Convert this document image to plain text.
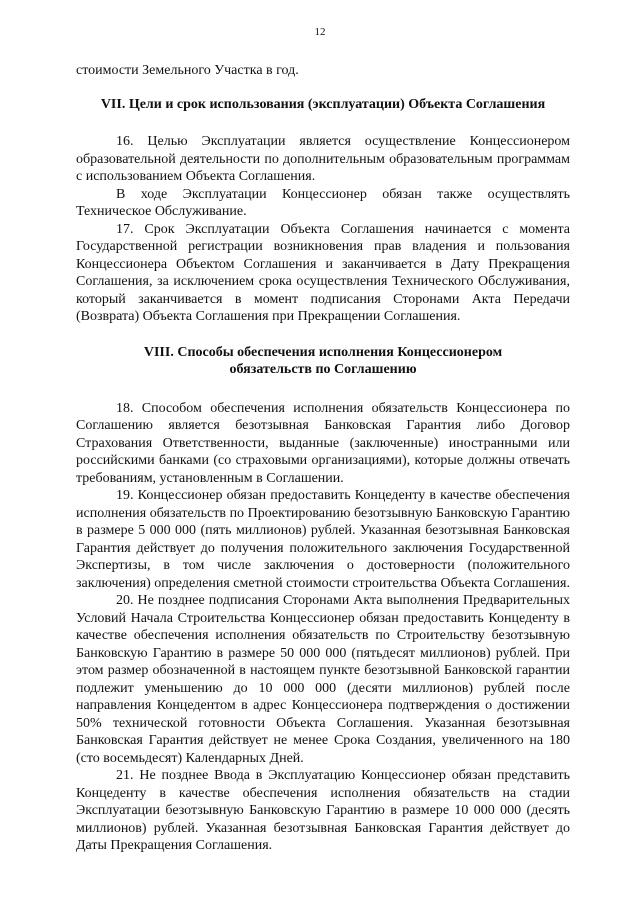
12

стоимости Земельного Участка в год.

VII. Цели и срок использования (эксплуатации) Объекта Соглашения

16. Целью Эксплуатации является осуществление Концессионером образовательной деятельности по дополнительным образовательным программам с использованием Объекта Соглашения.

В ходе Эксплуатации Концессионер обязан также осуществлять Техническое Обслуживание.

17. Срок Эксплуатации Объекта Соглашения начинается с момента Государственной регистрации возникновения прав владения и пользования Концессионера Объектом Соглашения и заканчивается в Дату Прекращения Соглашения, за исключением срока осуществления Технического Обслуживания, который заканчивается в момент подписания Сторонами Акта Передачи (Возврата) Объекта Соглашения при Прекращении Соглашения.

VIII. Способы обеспечения исполнения Концессионером
обязательств по Соглашению

18. Способом обеспечения исполнения обязательств Концессионера по Соглашению является безотзывная Банковская Гарантия либо Договор Страхования Ответственности, выданные (заключенные) иностранными или российскими банками (со страховыми организациями), которые должны отвечать требованиям, установленным в Соглашении.

19. Концессионер обязан предоставить Концеденту в качестве обеспечения исполнения обязательств по Проектированию безотзывную Банковскую Гарантию в размере 5 000 000 (пять миллионов) рублей. Указанная безотзывная Банковская Гарантия действует до получения положительного заключения Государственной Экспертизы, в том числе заключения о достоверности (положительного заключения) определения сметной стоимости строительства Объекта Соглашения.

20. Не позднее подписания Сторонами Акта выполнения Предварительных Условий Начала Строительства Концессионер обязан предоставить Концеденту в качестве обеспечения исполнения обязательств по Строительству безотзывную Банковскую Гарантию в размере 50 000 000 (пятьдесят миллионов) рублей. При этом размер обозначенной в настоящем пункте безотзывной Банковской гарантии подлежит уменьшению до 10 000 000 (десяти миллионов) рублей после направления Концедентом в адрес Концессионера подтверждения о достижении 50% технической готовности Объекта Соглашения. Указанная безотзывная Банковская Гарантия действует не менее Срока Создания, увеличенного на 180 (сто восемьдесят) Календарных Дней.

21. Не позднее Ввода в Эксплуатацию Концессионер обязан представить Концеденту в качестве обеспечения исполнения обязательств на стадии Эксплуатации безотзывную Банковскую Гарантию в размере 10 000 000 (десять миллионов) рублей. Указанная безотзывная Банковская Гарантия действует до Даты Прекращения Соглашения.
